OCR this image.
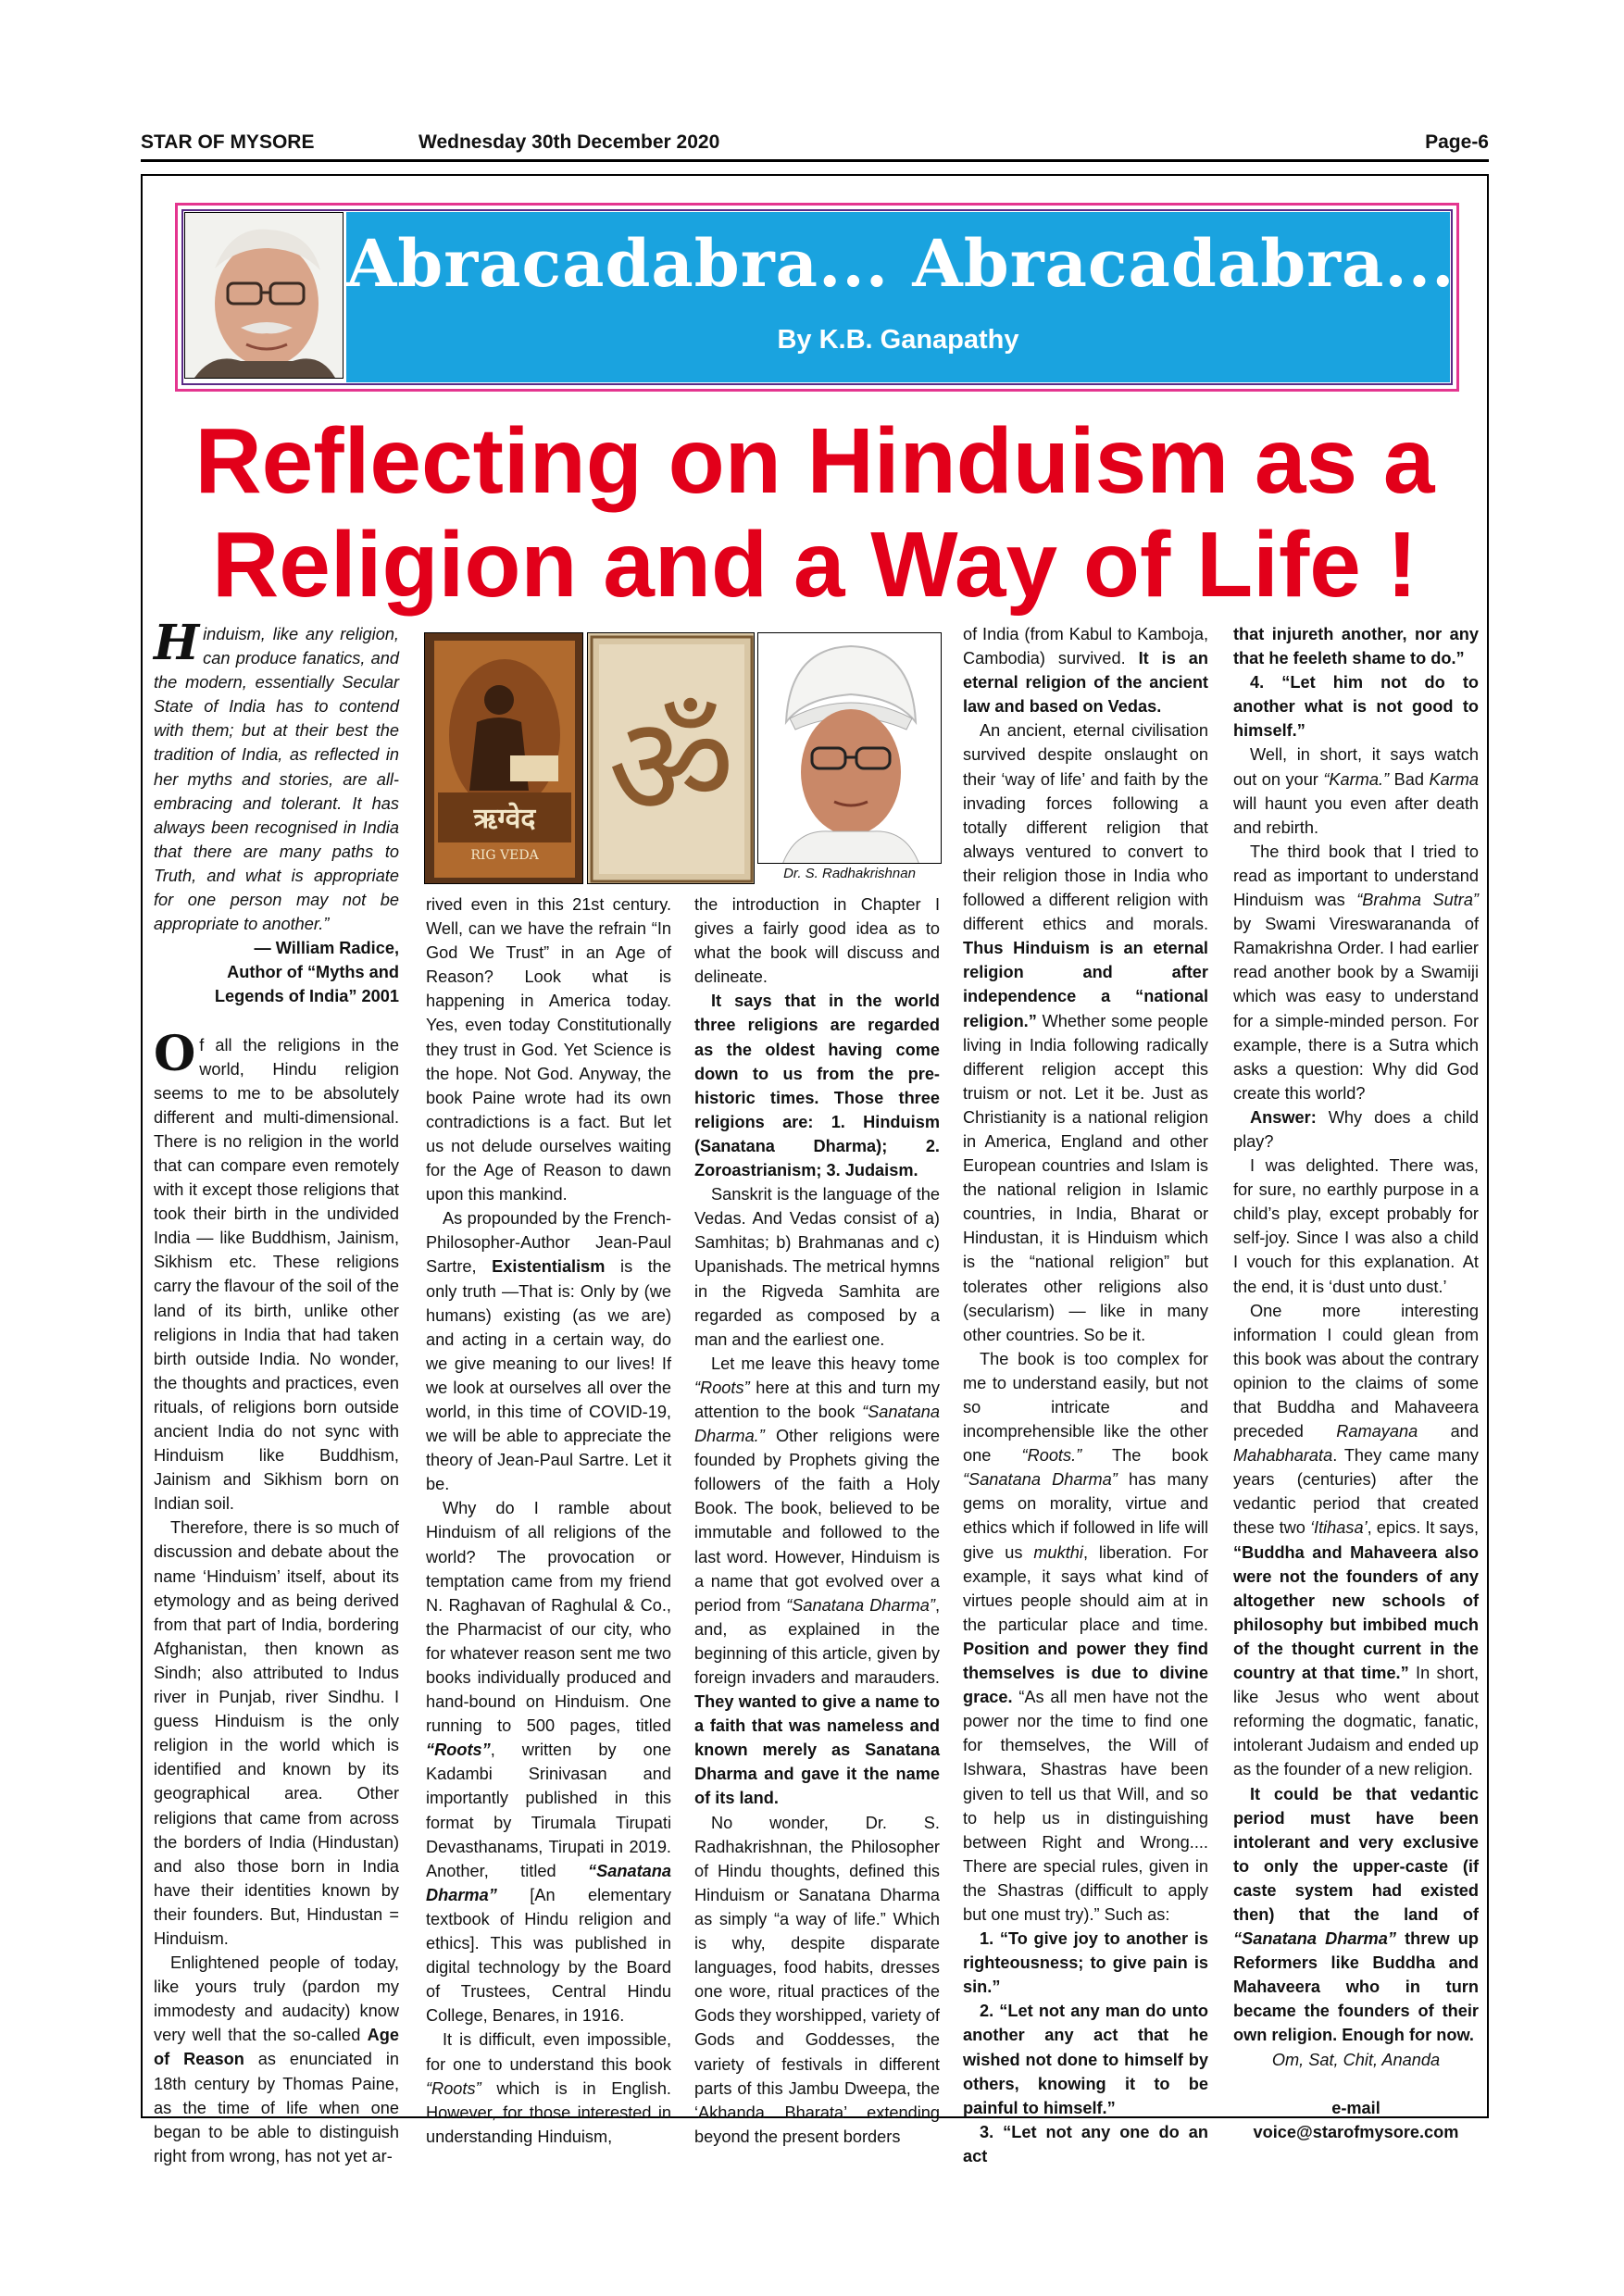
STAR OF MYSORE	Wednesday 30th December 2020	Page-6
Abracadabra... Abracadabra...
By K.B. Ganapathy
Reflecting on Hinduism as a
Religion and a Way of Life !

Hinduism, like any religion, can produce fanatics, and the modern, essentially Secular State of India has to contend with them; but at their best the tradition of India, as reflected in her myths and stories, are all-embracing and tolerant. It has always been recognised in India that there are many paths to Truth, and what is appropriate for one person may not be appropriate to another.”

— William Radice,
Author of “Myths and
Legends of India” 2001

Of all the religions in the world, Hindu religion seems to me to be absolutely different and multi-dimensional. There is no religion in the world that can compare even remotely with it except those religions that took their birth in the undivided India — like Buddhism, Jainism, Sikhism etc. These religions carry the flavour of the soil of the land of its birth, unlike other religions in India that had taken birth outside India. No wonder, the thoughts and practices, even rituals, of religions born outside ancient India do not sync with Hinduism like Buddhism, Jainism and Sikhism born on Indian soil.

Therefore, there is so much of discussion and debate about the name ‘Hinduism’ itself, about its etymology and as being derived from that part of India, bordering Afghanistan, then known as Sindh; also attributed to Indus river in Punjab, river Sindhu. I guess Hinduism is the only religion in the world which is identified and known by its geographical area. Other religions that came from across the borders of India (Hindustan) and also those born in India have their identities known by their founders. But, Hindustan = Hinduism.

Enlightened people of today, like yours truly (pardon my immodesty and audacity) know very well that the so-called Age of Reason as enunciated in 18th century by Thomas Paine, as the time of life when one began to be able to distinguish right from wrong, has not yet ar-

ऋग्वेद
RIG VEDA
ॐ
Dr. S. Radhakrishnan

rived even in this 21st century. Well, can we have the refrain “In God We Trust” in an Age of Reason? Look what is happening in America today. Yes, even today Constitutionally they trust in God. Yet Science is the hope. Not God. Anyway, the book Paine wrote had its own contradictions is a fact. But let us not delude ourselves waiting for the Age of Reason to dawn upon this mankind.

As propounded by the French-Philosopher-Author Jean-Paul Sartre, Existentialism is the only truth —That is: Only by (we humans) existing (as we are) and acting in a certain way, do we give meaning to our lives! If we look at ourselves all over the world, in this time of COVID-19, we will be able to appreciate the theory of Jean-Paul Sartre. Let it be.

Why do I ramble about Hinduism of all religions of the world? The provocation or temptation came from my friend N. Raghavan of Raghulal & Co., the Pharmacist of our city, who for whatever reason sent me two books individually produced and hand-bound on Hinduism. One running to 500 pages, titled “Roots”, written by one Kadambi Srinivasan and importantly published in this format by Tirumala Tirupati Devasthanams, Tirupati in 2019. Another, titled “Sanatana Dharma” [An elementary textbook of Hindu religion and ethics]. This was published in digital technology by the Board of Trustees, Central Hindu College, Benares, in 1916.

It is difficult, even impossible, for one to understand this book “Roots” which is in English. However, for those interested in understanding Hinduism,

the introduction in Chapter I gives a fairly good idea as to what the book will discuss and delineate.

It says that in the world three religions are regarded as the oldest having come down to us from the pre-historic times. Those three religions are: 1. Hinduism (Sanatana Dharma); 2. Zoroastrianism; 3. Judaism.

Sanskrit is the language of the Vedas. And Vedas consist of a) Samhitas; b) Brahmanas and c) Upanishads. The metrical hymns in the Rigveda Samhita are regarded as composed by a man and the earliest one.

Let me leave this heavy tome “Roots” here at this and turn my attention to the book “Sanatana Dharma.” Other religions were founded by Prophets giving the followers of the faith a Holy Book. The book, believed to be immutable and followed to the last word. However, Hinduism is a name that got evolved over a period from “Sanatana Dharma”, and, as explained in the beginning of this article, given by foreign invaders and marauders. They wanted to give a name to a faith that was nameless and known merely as Sanatana Dharma and gave it the name of its land.

No wonder, Dr. S. Radhakrishnan, the Philosopher of Hindu thoughts, defined this Hinduism or Sanatana Dharma as simply “a way of life.” Which is why, despite disparate languages, food habits, dresses one wore, ritual practices of the Gods they worshipped, variety of Gods and Goddesses, the variety of festivals in different parts of this Jambu Dweepa, the ‘Akhanda Bharata’ extending beyond the present borders

of India (from Kabul to Kamboja, Cambodia) survived. It is an eternal religion of the ancient law and based on Vedas.

An ancient, eternal civilisation survived despite onslaught on their ‘way of life’ and faith by the invading forces following a totally different religion that always ventured to convert to their religion those in India who followed a different religion with different ethics and morals. Thus Hinduism is an eternal religion and after independence a “national religion.” Whether some people living in India following radically different religion accept this truism or not. Let it be. Just as Christianity is a national religion in America, England and other European countries and Islam is the national religion in Islamic countries, in India, Bharat or Hindustan, it is Hinduism which is the “national religion” but tolerates other religions also (secularism) — like in many other countries. So be it.

The book is too complex for me to understand easily, but not so intricate and incomprehensible like the other one “Roots.” The book “Sanatana Dharma” has many gems on morality, virtue and ethics which if followed in life will give us mukthi, liberation. For example, it says what kind of virtues people should aim at in the particular place and time. Position and power they find themselves is due to divine grace. “As all men have not the power nor the time to find one for themselves, the Will of Ishwara, Shastras have been given to tell us that Will, and so to help us in distinguishing between Right and Wrong.... There are special rules, given in the Shastras (difficult to apply but one must try).” Such as:

1. “To give joy to another is righteousness; to give pain is sin.”

2. “Let not any man do unto another any act that he wished not done to himself by others, knowing it to be painful to himself.”

3. “Let not any one do an act

that injureth another, nor any that he feeleth shame to do.”

4. “Let him not do to another what is not good to himself.”

Well, in short, it says watch out on your “Karma.” Bad Karma will haunt you even after death and rebirth.

The third book that I tried to read as important to understand Hinduism was “Brahma Sutra” by Swami Vireswarananda of Ramakrishna Order. I had earlier read another book by a Swamiji which was easy to understand for a simple-minded person. For example, there is a Sutra which asks a question: Why did God create this world?

Answer: Why does a child play?

I was delighted. There was, for sure, no earthly purpose in a child’s play, except probably for self-joy. Since I was also a child I vouch for this explanation. At the end, it is ‘dust unto dust.’

One more interesting information I could glean from this book was about the contrary opinion to the claims of some that Buddha and Mahaveera preceded Ramayana and Mahabharata. They came many years (centuries) after the vedantic period that created these two ‘Itihasa’, epics. It says, “Buddha and Mahaveera also were not the founders of any altogether new schools of philosophy but imbibed much of the thought current in the country at that time.” In short, like Jesus who went about reforming the dogmatic, fanatic, intolerant Judaism and ended up as the founder of a new religion.

It could be that vedantic period must have been intolerant and very exclusive to only the upper-caste (if caste system had existed then) that the land of “Sanatana Dharma” threw up Reformers like Buddha and Mahaveera who in turn became the founders of their own religion. Enough for now.

Om, Sat, Chit, Ananda
e-mail
voice@starofmysore.com
